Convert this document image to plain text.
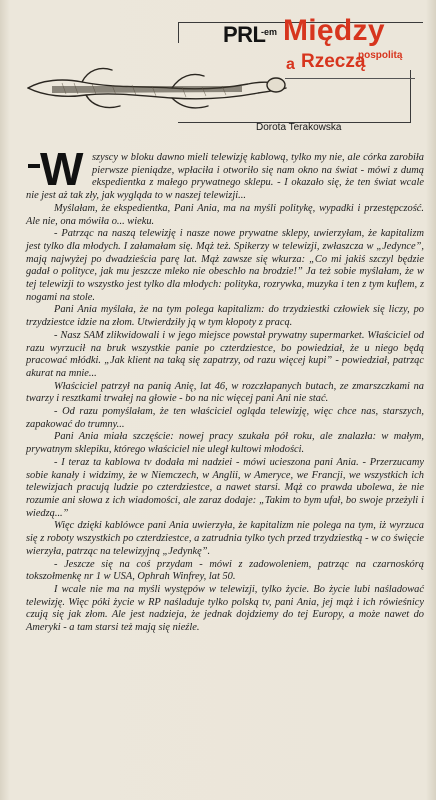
PRL
-em Między
a Rzeczą
pospolitą
Dorota Terakowska
W szyscy w bloku dawno mieli telewizję kablową, tylko my nie, ale córka zarobiła pierwsze pieniądze, wpłaciła i otworiło się nam okno na świat - mówi z dumą ekspedientka z małego prywatnego sklepu. - I okazało się, że ten świat wcale nie jest aż tak zły, jak wygląda to w naszej telewizji...

Myślałam, że ekspedientka, Pani Ania, ma na myśli politykę, wypadki i przestępczość. Ale nie, ona mówiła o... wieku.

- Patrząc na naszą telewizję i nasze nowe prywatne sklepy, uwierzyłam, że kapitalizm jest tylko dla młodych. I załamałam się. Mąż też. Spikerzy w telewizji, zwłaszcza w „Jedynce”, mają najwyżej po dwadzieścia parę lat. Mąż zawsze się wkurza: „Co mi jakiś szczyl będzie gadał o polityce, jak mu jeszcze mleko nie obeschło na brodzie!” Ja też sobie myślałam, że w tej telewizji to wszystko jest tylko dla młodych: polityka, rozrywka, muzyka i ten z tym kuflem, z nogami na stole.

Pani Ania myślała, że na tym polega kapitalizm: do trzydziestki człowiek się liczy, po trzydziestce idzie na złom. Utwierdziły ją w tym kłopoty z pracą.

- Nasz SAM zlikwidowali i w jego miejsce powstał prywatny supermarket. Właściciel od razu wyrzucił na bruk wszystkie panie po czterdziestce, bo powiedział, że u niego będą pracować młódki. „Jak klient na taką się zapatrzy, od razu więcej kupi” - powiedział, patrząc akurat na mnie...

Właściciel patrzył na panią Anię, lat 46, w rozczłapanych butach, ze zmarszczkami na twarzy i resztkami trwałej na głowie - bo na nic więcej pani Ani nie stać.

- Od razu pomyślałam, że ten właściciel ogląda telewizję, więc chce nas, starszych, zapakować do trumny...

Pani Ania miała szczęście: nowej pracy szukała pół roku, ale znalazła: w małym, prywatnym sklepiku, którego właściciel nie uległ kultowi młodości.

- I teraz ta kablowa tv dodała mi nadziei - mówi ucieszona pani Ania. - Przerzucamy sobie kanały i widzimy, że w Niemczech, w Anglii, w Ameryce, we Francji, we wszystkich ich telewizjach pracują ludzie po czterdziestce, a nawet starsi. Mąż co prawda ubolewa, że nie rozumie ani słowa z ich wiadomości, ale zaraz dodaje: „Takim to bym ufał, bo swoje przeżyli i wiedzą...”

Więc dzięki kablówce pani Ania uwierzyła, że kapitalizm nie polega na tym, iż wyrzuca się z roboty wszystkich po czterdziestce, a zatrudnia tylko tych przed trzydziestką - w co święcie wierzyła, patrząc na telewizyjną „Jedynkę”.

- Jeszcze się na coś przydam - mówi z zadowoleniem, patrząc na czarnoskórą tokszołmenkę nr 1 w USA, Ophrah Winfrey, lat 50.

I wcale nie ma na myśli występów w telewizji, tylko życie. Bo życie lubi naśladować telewizję. Więc póki życie w RP naśladuje tylko polską tv, pani Ania, jej mąż i ich rówieśnicy czują się jak złom. Ale jest nadzieja, że jednak dojdziemy do tej Europy, a może nawet do Ameryki - a tam starsi też mają się nieźle.
